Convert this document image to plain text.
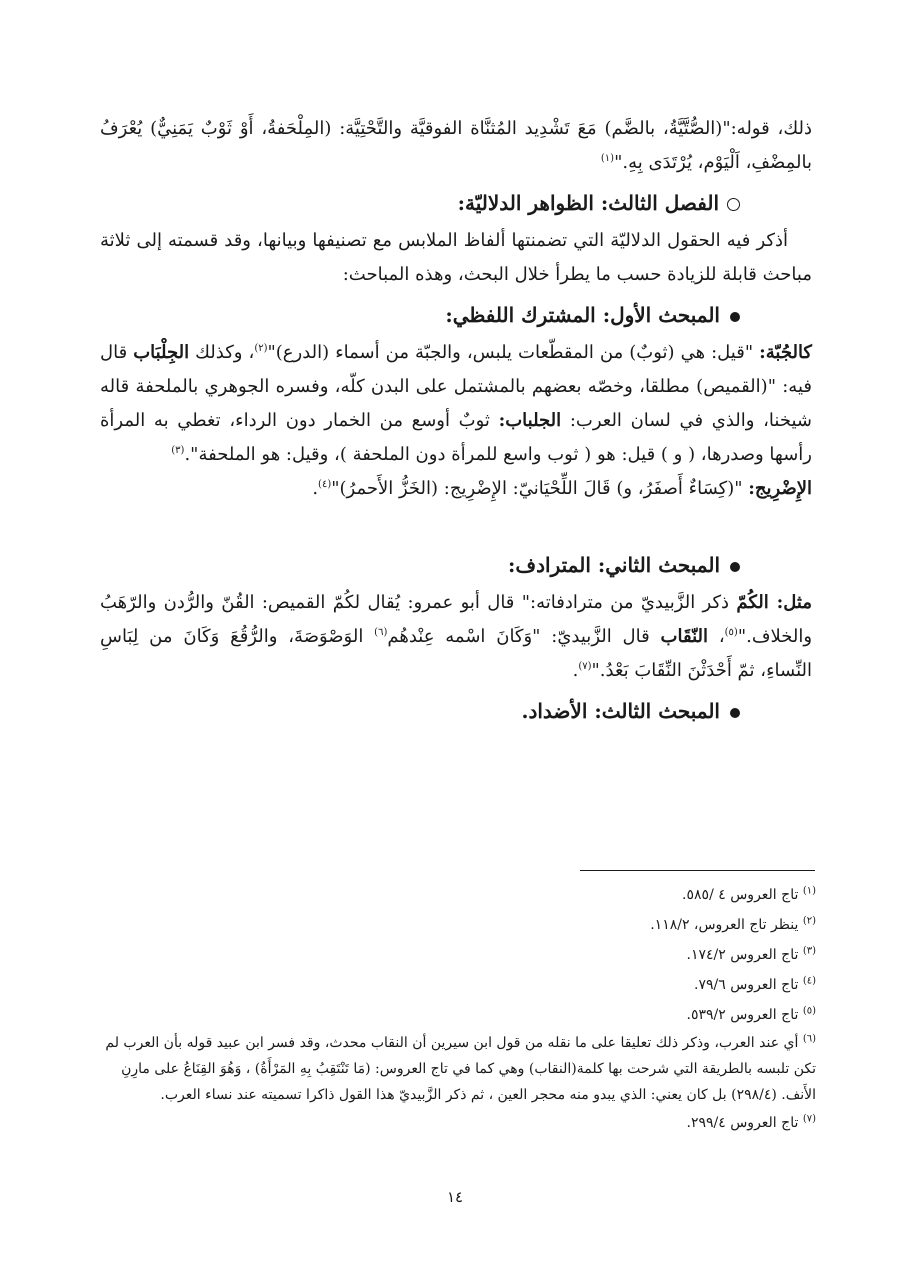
ذلك، قوله:"(الصُّتَّيَّةُ، بالضَّم) مَعَ تَشْدِيد المُثنَّاة الفوقيَّة والتَّحْتِيَّة: (المِلْحَفةُ، أَوْ ثَوْبٌ يَمَنِيٌّ) يُعْرَفُ بالمِضْفِ، اَلْيَوْم، يُرْتَدَى بِهِ."$^{(١)}$

الفصل الثالث: الظواهر الدلاليّة:

أذكر فيه الحقول الدلاليّة التي تضمنتها ألفاظ الملابس مع تصنيفها وبيانها، وقد قسمته إلى ثلاثة مباحث قابلة للزيادة حسب ما يطرأ خلال البحث، وهذه المباحث:

المبحث الأول: المشترك اللفظي:

كالجُبّة: "قيل: هي (ثوبٌ) من المقطّعات يلبس، والجبّة من أسماء (الدرع)"$^{(٢)}$، وكذلك الجِلْبَاب قال فيه: "(القميص) مطلقا، وخصّه بعضهم بالمشتمل على البدن كلّه، وفسره الجوهري بالملحفة قاله شيخنا، والذي في لسان العرب: الجلباب: ثوبٌ أوسع من الخمار دون الرداء، تغطي به المرأة رأسها وصدرها، ( و ) قيل: هو ( ثوب واسع للمرأة دون الملحفة )، وقيل: هو الملحفة".$^{(٣)}$

الإِضْرِيج: "(كِسَاءٌ أَصفَرُ، و) قَالَ اللِّحْيَانيّ: الإِضْرِيج: (الخَزُّ الأَحمرُ)"$^{(٤)}$.

المبحث الثاني: المترادف:

مثل: الكُمّ ذكر الزَّبيديّ من مترادفاته:" قال أبو عمرو: يُقال لكُمّ القميص: القُنّ والرُّدن والرّهَبُ والخلاف."$^{(٥)}$، النّقَاب قال الزَّبيديّ: "وَكَانَ اسْمه عِنْدهُم$^{(٦)}$ الوَصْوَصَةَ، والرُّقُعَ وَكَانَ من لِبَاسِ النِّساءِ، ثمّ أَحْدَثْنَ النِّقَابَ بَعْدُ."$^{(٧)}$.

المبحث الثالث: الأضداد.

$^{(١)}$ تاج العروس ٤ /٥٨٥.

$^{(٢)}$ ينظر تاج العروس، ١١٨/٢.

$^{(٣)}$ تاج العروس ١٧٤/٢.

$^{(٤)}$ تاج العروس ٧٩/٦.

$^{(٥)}$ تاج العروس ٥٣٩/٢.

$^{(٦)}$ أي عند العرب، وذكر ذلك تعليقا على ما نقله من قول ابن سيرين أن النقاب محدث، وقد فسر ابن عبيد قوله بأن العرب لم تكن تلبسه بالطريقة التي شرحت بها كلمة(النقاب) وهي كما في تاج العروس: (مَا تَنْتَقِبُ بِهِ المَرْأَةُ) ، وَهُوَ القِنَاعُ على مارِنِ الأَنف. (٢٩٨/٤) بل كان يعني: الذي يبدو منه محجر العين ، ثم ذكر الزَّبيديّ هذا القول ذاكرا تسميته عند نساء العرب.

$^{(٧)}$ تاج العروس ٢٩٩/٤.

١٤
